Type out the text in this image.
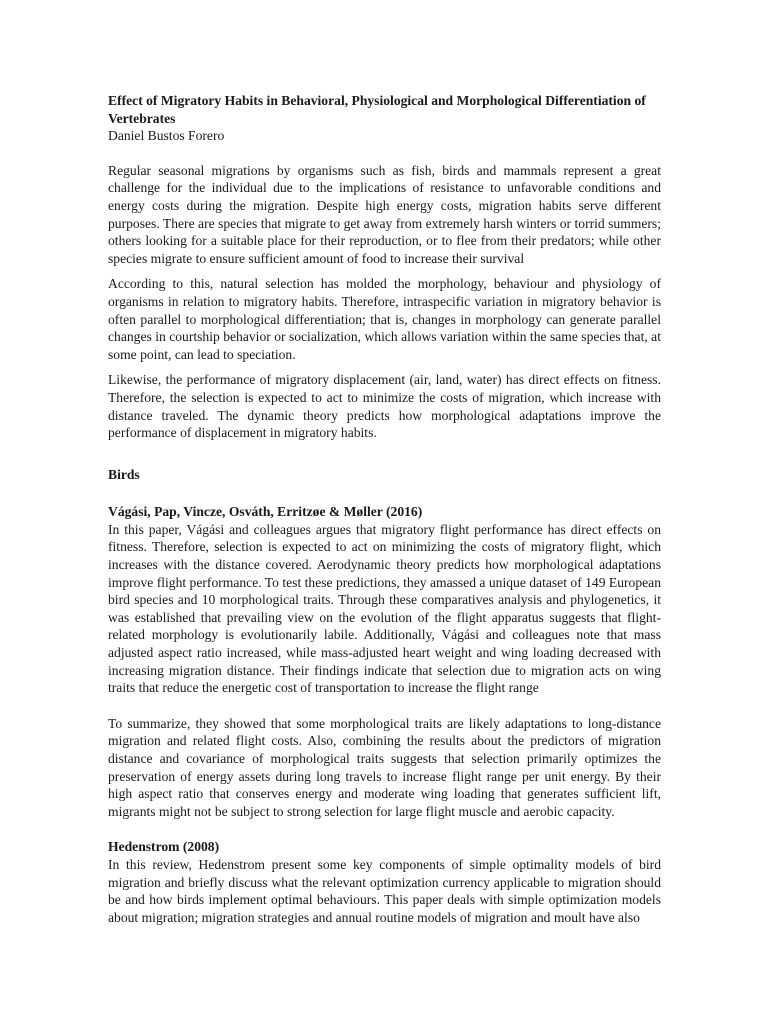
Effect of Migratory Habits in Behavioral, Physiological and Morphological Differentiation of Vertebrates
Daniel Bustos Forero

Regular seasonal migrations by organisms such as fish, birds and mammals represent a great challenge for the individual due to the implications of resistance to unfavorable conditions and energy costs during the migration. Despite high energy costs, migration habits serve different purposes. There are species that migrate to get away from extremely harsh winters or torrid summers; others looking for a suitable place for their reproduction, or to flee from their predators; while other species migrate to ensure sufficient amount of food to increase their survival

According to this, natural selection has molded the morphology, behaviour and physiology of organisms in relation to migratory habits. Therefore, intraspecific variation in migratory behavior is often parallel to morphological differentiation; that is, changes in morphology can generate parallel changes in courtship behavior or socialization, which allows variation within the same species that, at some point, can lead to speciation.

Likewise, the performance of migratory displacement (air, land, water) has direct effects on fitness. Therefore, the selection is expected to act to minimize the costs of migration, which increase with distance traveled. The dynamic theory predicts how morphological adaptations improve the performance of displacement in migratory habits.

Birds
Vágási, Pap, Vincze, Osváth, Erritzøe & Møller (2016)

In this paper, Vágási and colleagues argues that migratory flight performance has direct effects on fitness. Therefore, selection is expected to act on minimizing the costs of migratory flight, which increases with the distance covered. Aerodynamic theory predicts how morphological adaptations improve flight performance. To test these predictions, they amassed a unique dataset of 149 European bird species and 10 morphological traits. Through these comparatives analysis and phylogenetics, it was established that prevailing view on the evolution of the flight apparatus suggests that flight-related morphology is evolutionarily labile. Additionally, Vágási and colleagues note that mass adjusted aspect ratio increased, while mass-adjusted heart weight and wing loading decreased with increasing migration distance. Their findings indicate that selection due to migration acts on wing traits that reduce the energetic cost of transportation to increase the flight range

To summarize, they showed that some morphological traits are likely adaptations to long-distance migration and related flight costs. Also, combining the results about the predictors of migration distance and covariance of morphological traits suggests that selection primarily optimizes the preservation of energy assets during long travels to increase flight range per unit energy. By their high aspect ratio that conserves energy and moderate wing loading that generates sufficient lift, migrants might not be subject to strong selection for large flight muscle and aerobic capacity.

Hedenstrom (2008)

In this review, Hedenstrom present some key components of simple optimality models of bird migration and briefly discuss what the relevant optimization currency applicable to migration should be and how birds implement optimal behaviours. This paper deals with simple optimization models about migration; migration strategies and annual routine models of migration and moult have also
